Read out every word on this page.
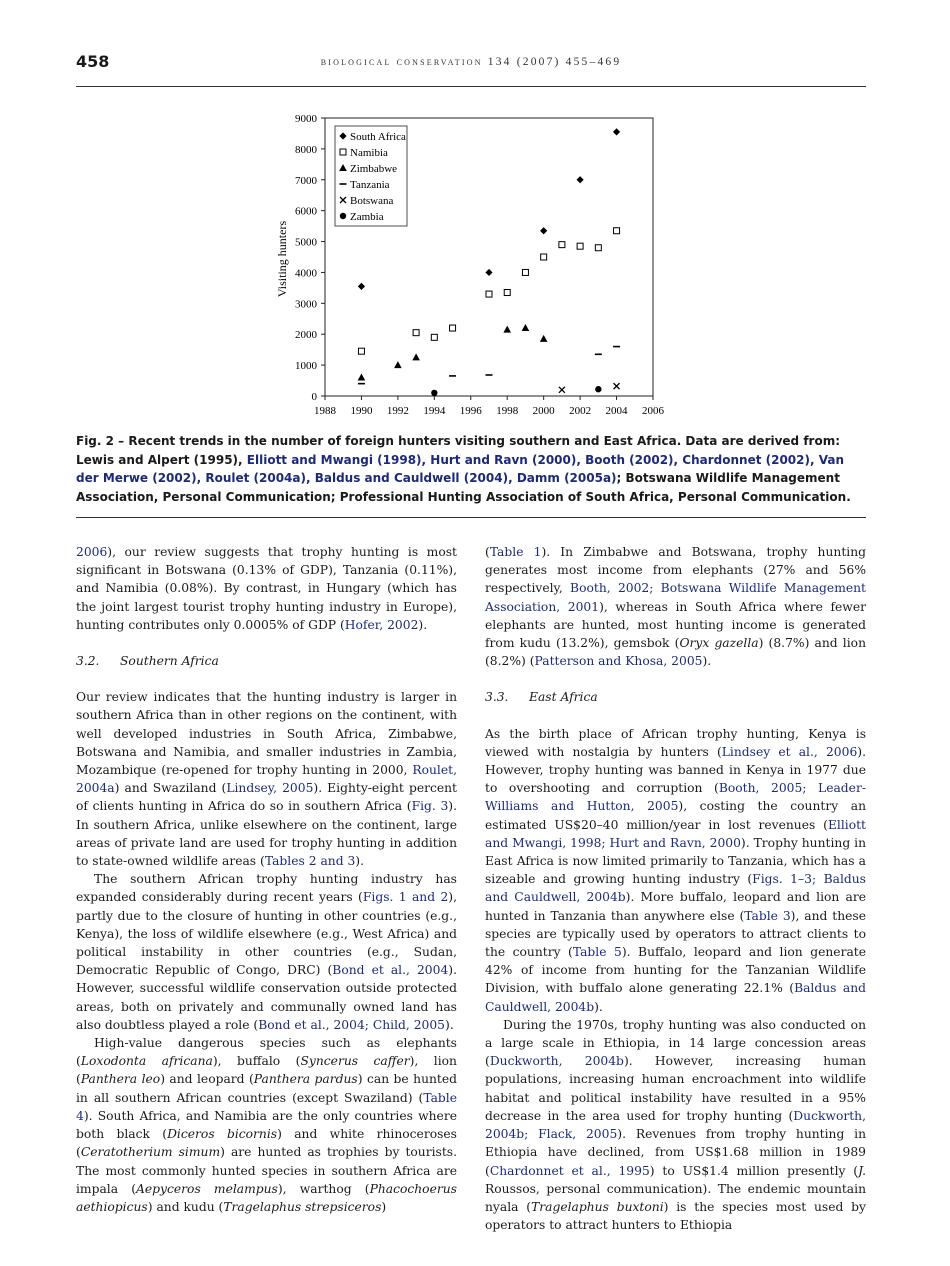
458	biological conservation 134 (2007) 455–469
1988 1990 1992 1994 1996 1998 2000 2002 2004 2006
0
1000
2000
3000
4000
5000
6000
7000
8000
9000
Visiting hunters
South Africa
Namibia
Zimbabwe
Tanzania
Botswana
Zambia
Fig. 2 – Recent trends in the number of foreign hunters visiting southern and East Africa. Data are derived from: Lewis and Alpert (1995), Elliott and Mwangi (1998), Hurt and Ravn (2000), Booth (2002), Chardonnet (2002), Van der Merwe (2002), Roulet (2004a), Baldus and Cauldwell (2004), Damm (2005a); Botswana Wildlife Management Association, Personal Communication; Professional Hunting Association of South Africa, Personal Communication.

2006), our review suggests that trophy hunting is most significant in Botswana (0.13% of GDP), Tanzania (0.11%), and Namibia (0.08%). By contrast, in Hungary (which has the joint largest tourist trophy hunting industry in Europe), hunting contributes only 0.0005% of GDP (Hofer, 2002).

3.2. Southern Africa

Our review indicates that the hunting industry is larger in southern Africa than in other regions on the continent, with well developed industries in South Africa, Zimbabwe, Botswana and Namibia, and smaller industries in Zambia, Mozambique (re-opened for trophy hunting in 2000, Roulet, 2004a) and Swaziland (Lindsey, 2005). Eighty-eight percent of clients hunting in Africa do so in southern Africa (Fig. 3). In southern Africa, unlike elsewhere on the continent, large areas of private land are used for trophy hunting in addition to state-owned wildlife areas (Tables 2 and 3).

The southern African trophy hunting industry has expanded considerably during recent years (Figs. 1 and 2), partly due to the closure of hunting in other countries (e.g., Kenya), the loss of wildlife elsewhere (e.g., West Africa) and political instability in other countries (e.g., Sudan, Democratic Republic of Congo, DRC) (Bond et al., 2004). However, successful wildlife conservation outside protected areas, both on privately and communally owned land has also doubtless played a role (Bond et al., 2004; Child, 2005).

High-value dangerous species such as elephants (Loxodonta africana), buffalo (Syncerus caffer), lion (Panthera leo) and leopard (Panthera pardus) can be hunted in all southern African countries (except Swaziland) (Table 4). South Africa, and Namibia are the only countries where both black (Diceros bicornis) and white rhinoceroses (Ceratotherium simum) are hunted as trophies by tourists. The most commonly hunted species in southern Africa are impala (Aepyceros melampus), warthog (Phacochoerus aethiopicus) and kudu (Tragelaphus strepsiceros)

(Table 1). In Zimbabwe and Botswana, trophy hunting generates most income from elephants (27% and 56% respectively, Booth, 2002; Botswana Wildlife Management Association, 2001), whereas in South Africa where fewer elephants are hunted, most hunting income is generated from kudu (13.2%), gemsbok (Oryx gazella) (8.7%) and lion (8.2%) (Patterson and Khosa, 2005).

3.3. East Africa

As the birth place of African trophy hunting, Kenya is viewed with nostalgia by hunters (Lindsey et al., 2006). However, trophy hunting was banned in Kenya in 1977 due to overshooting and corruption (Booth, 2005; Leader-Williams and Hutton, 2005), costing the country an estimated US$20–40 million/year in lost revenues (Elliott and Mwangi, 1998; Hurt and Ravn, 2000). Trophy hunting in East Africa is now limited primarily to Tanzania, which has a sizeable and growing hunting industry (Figs. 1–3; Baldus and Cauldwell, 2004b). More buffalo, leopard and lion are hunted in Tanzania than anywhere else (Table 3), and these species are typically used by operators to attract clients to the country (Table 5). Buffalo, leopard and lion generate 42% of income from hunting for the Tanzanian Wildlife Division, with buffalo alone generating 22.1% (Baldus and Cauldwell, 2004b).

During the 1970s, trophy hunting was also conducted on a large scale in Ethiopia, in 14 large concession areas (Duckworth, 2004b). However, increasing human populations, increasing human encroachment into wildlife habitat and political instability have resulted in a 95% decrease in the area used for trophy hunting (Duckworth, 2004b; Flack, 2005). Revenues from trophy hunting in Ethiopia have declined, from US$1.68 million in 1989 (Chardonnet et al., 1995) to US$1.4 million presently (J. Roussos, personal communication). The endemic mountain nyala (Tragelaphus buxtoni) is the species most used by operators to attract hunters to Ethiopia
